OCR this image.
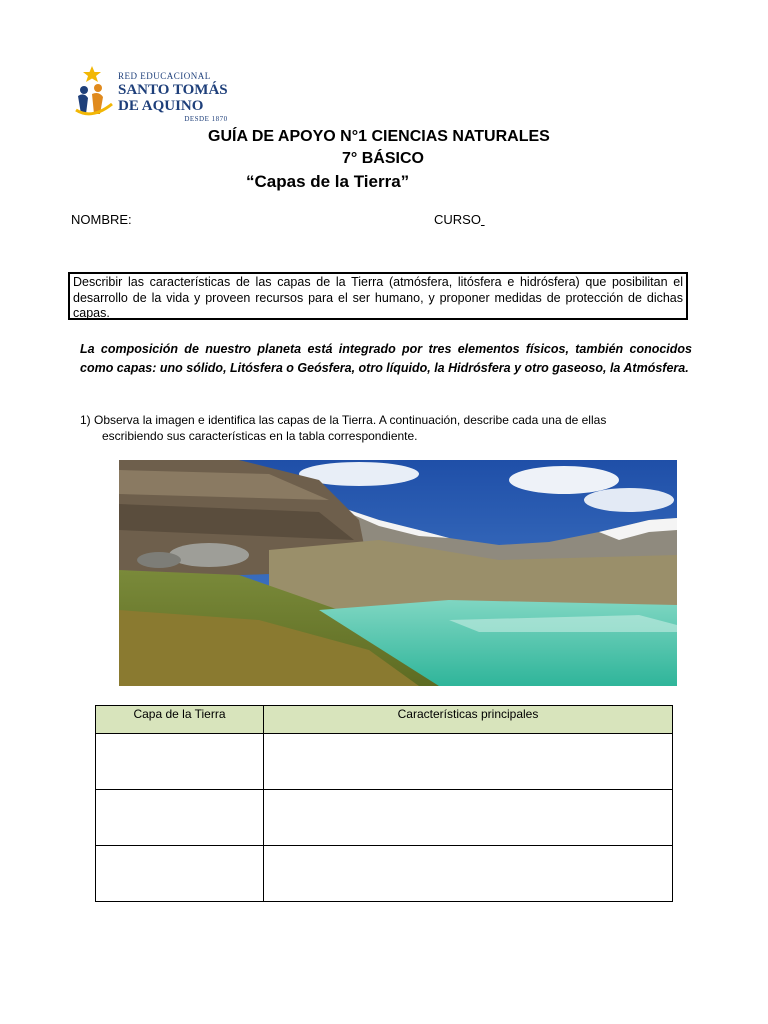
RED EDUCACIONAL
SANTO TOMÁS
DE AQUINO
DESDE 1870
GUÍA DE APOYO N°1 CIENCIAS NATURALES
7° BÁSICO
“Capas de la Tierra”
NOMBRE:	CURSO
Describir las características de las capas de la Tierra (atmósfera, litósfera e hidrósfera) que posibilitan el desarrollo de la vida y proveen recursos para el ser humano, y proponer medidas de protección de dichas capas.
La composición de nuestro planeta está integrado por tres elementos físicos, también conocidos como capas: uno sólido, Litósfera o Geósfera, otro líquido, la Hidrósfera y otro gaseoso, la Atmósfera.
1) Observa la imagen e identifica las capas de la Tierra. A continuación, describe cada una de ellas
escribiendo sus características en la tabla correspondiente.
Capa de la Tierra	Características principales
